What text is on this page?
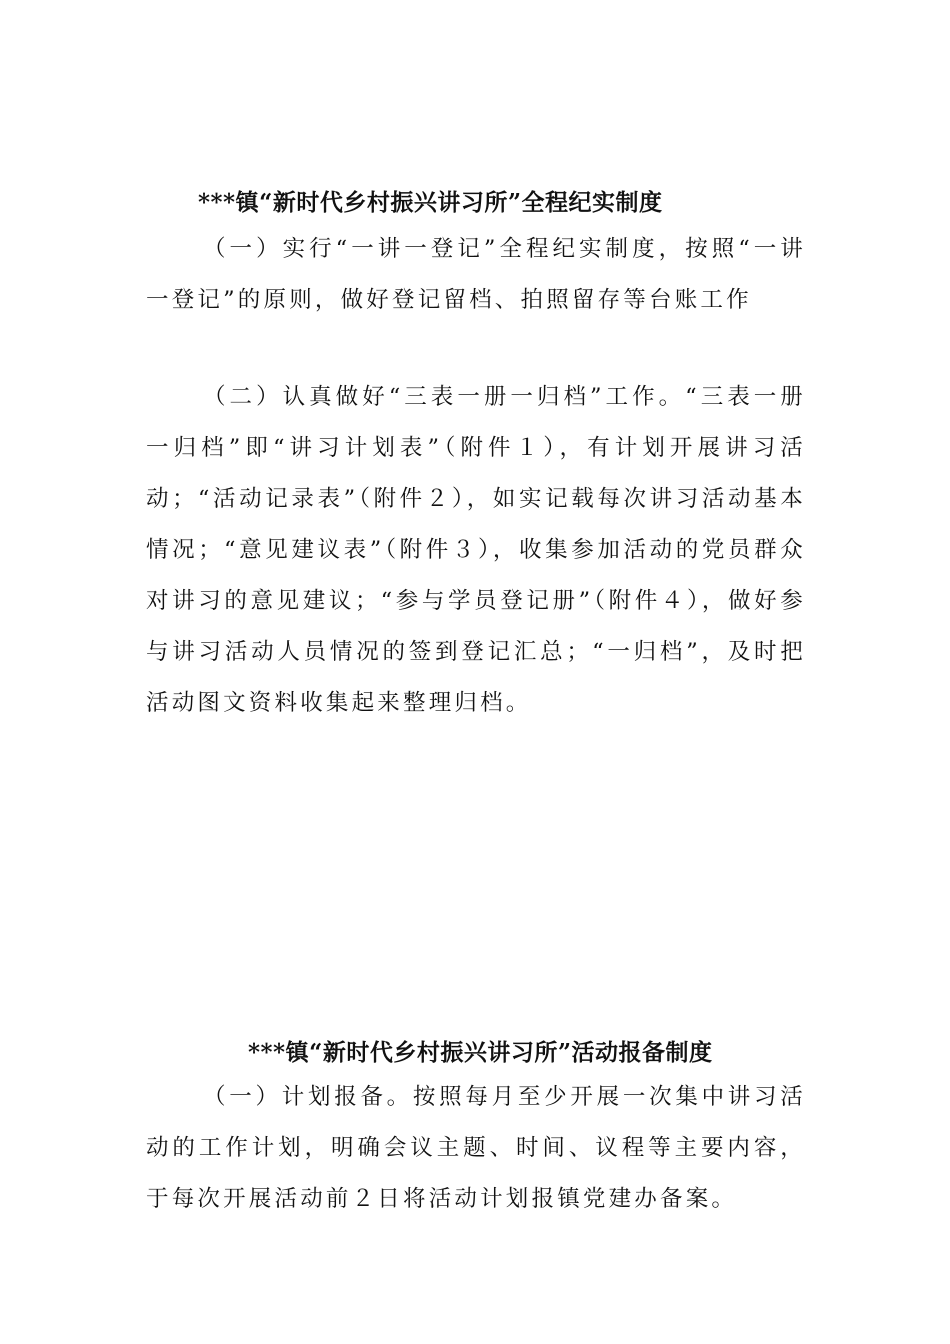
***镇“新时代乡村振兴讲习所”全程纪实制度

（一）实行“一讲一登记”全程纪实制度，按照“一讲一登记”的原则，做好登记留档、拍照留存等台账工作

（二）认真做好“三表一册一归档”工作。“三表一册一归档”即“讲习计划表”（附件１），有计划开展讲习活动；“活动记录表”（附件２），如实记载每次讲习活动基本情况；“意见建议表”（附件３），收集参加活动的党员群众对讲习的意见建议；“参与学员登记册”（附件４），做好参与讲习活动人员情况的签到登记汇总；“一归档”，及时把活动图文资料收集起来整理归档。

***镇“新时代乡村振兴讲习所”活动报备制度

（一）计划报备。按照每月至少开展一次集中讲习活动的工作计划，明确会议主题、时间、议程等主要内容，于每次开展活动前２日将活动计划报镇党建办备案。
